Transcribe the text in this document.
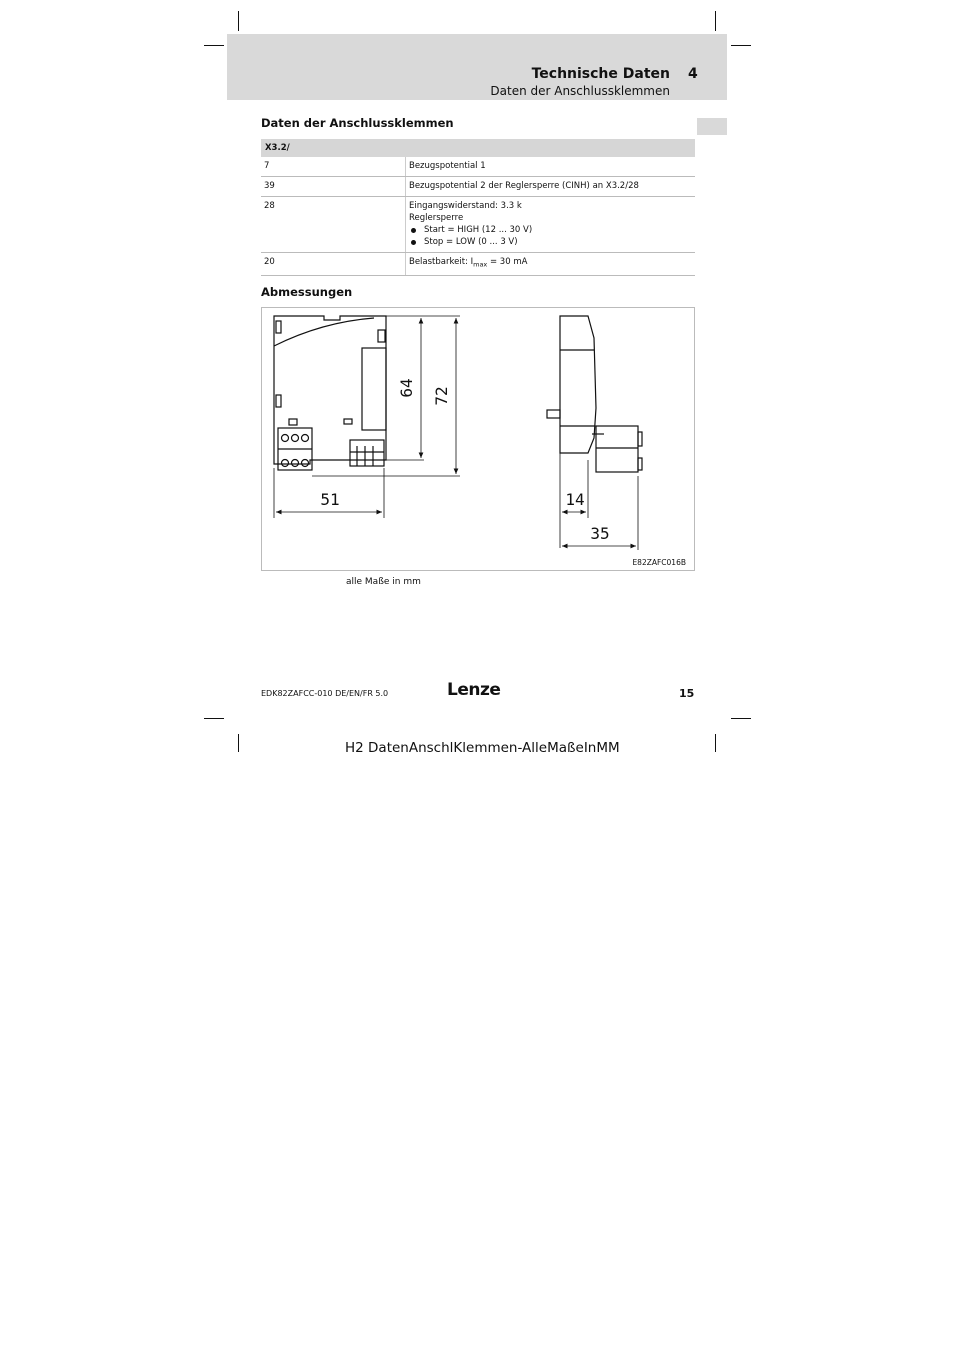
Technische Daten 4
Daten der Anschlussklemmen
Daten der Anschlussklemmen
X3.2/	
7	Bezugspotential 1
39	Bezugspotential 2 der Reglersperre (CINH) an X3.2/28
28	Eingangswiderstand: 3.3 k
Reglersperre
Start = HIGH (12 ... 30 V)
Stop = LOW (0 ... 3 V)

20	Belastbarkeit: $I_{max} = 30$ mA
Abmessungen
64 72
51	14
35
E82ZAFC016B
alle Maße in mm
EDK82ZAFCC-010 DE/EN/FR 5.0	Lenze	15
H2 DatenAnschlKlemmen-AlleMaßeInMM
